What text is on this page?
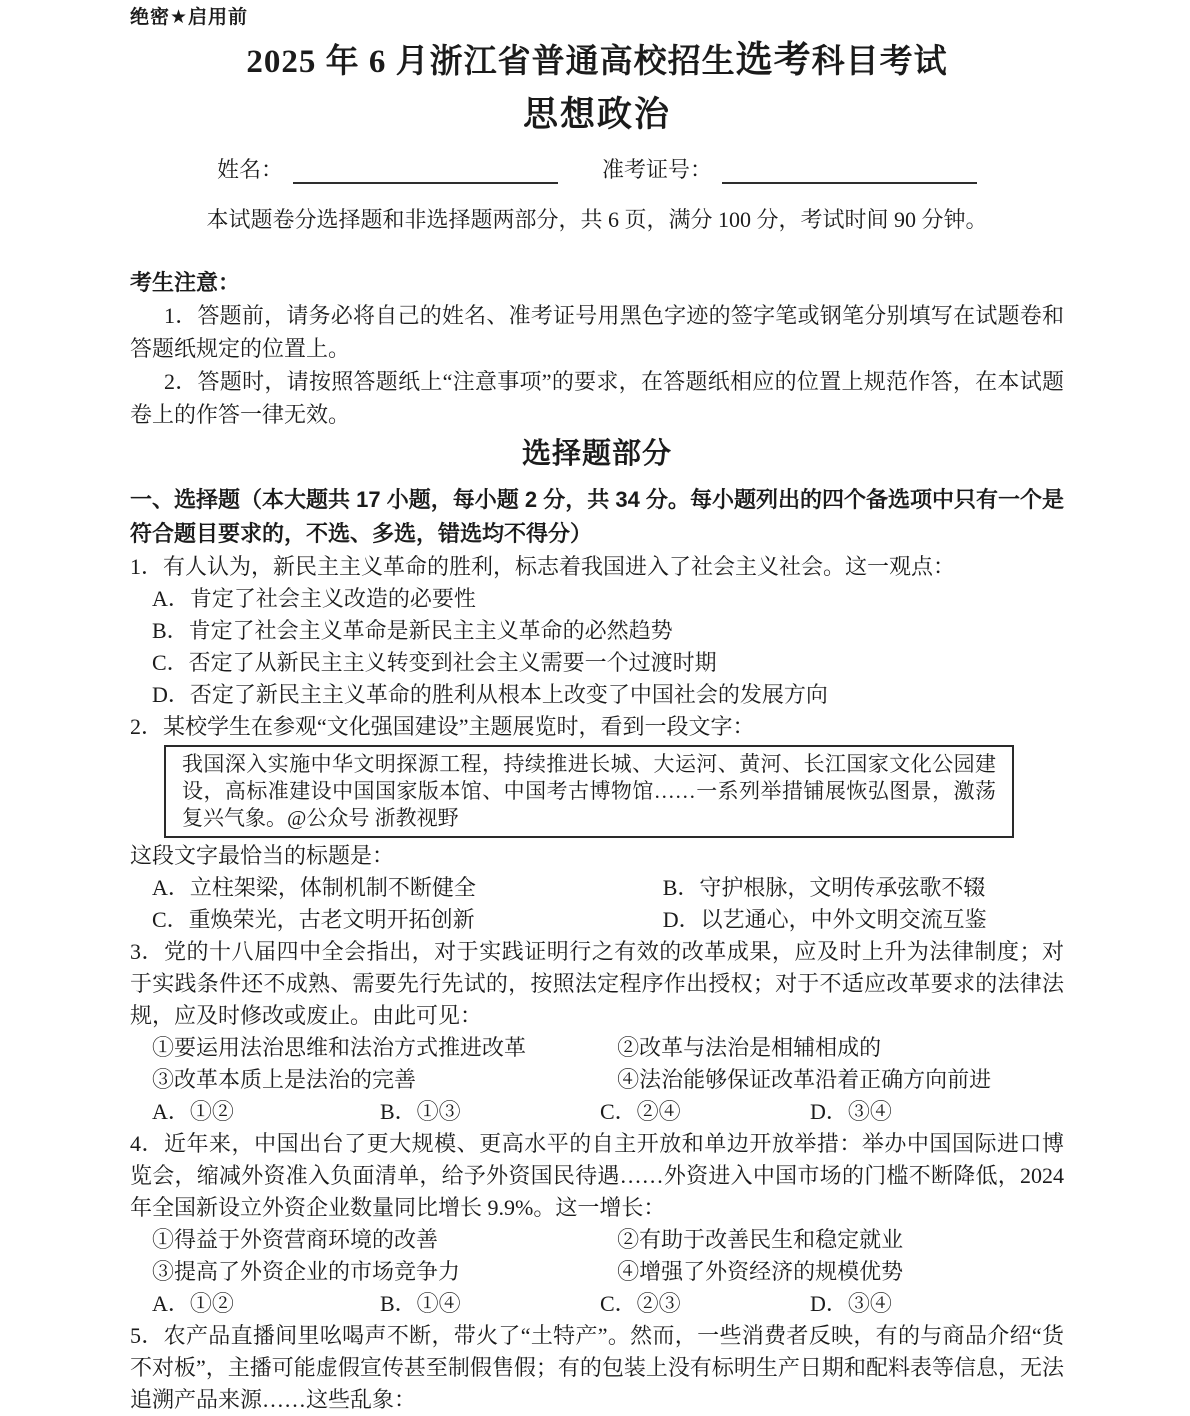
绝密★启用前
2025 年 6 月浙江省普通高校招生选考科目考试
思想政治
姓名：	准考证号：

本试题卷分选择题和非选择题两部分，共 6 页，满分 100 分，考试时间 90 分钟。

考生注意：

1．答题前，请务必将自己的姓名、准考证号用黑色字迹的签字笔或钢笔分别填写在试题卷和答题纸规定的位置上。

2．答题时，请按照答题纸上“注意事项”的要求，在答题纸相应的位置上规范作答，在本试题卷上的作答一律无效。

选择题部分

一、选择题（本大题共 17 小题，每小题 2 分，共 34 分。每小题列出的四个备选项中只有一个是符合题目要求的，不选、多选，错选均不得分）

1．有人认为，新民主主义革命的胜利，标志着我国进入了社会主义社会。这一观点：

A．肯定了社会主义改造的必要性

B．肯定了社会主义革命是新民主主义革命的必然趋势

C．否定了从新民主主义转变到社会主义需要一个过渡时期

D．否定了新民主主义革命的胜利从根本上改变了中国社会的发展方向

2．某校学生在参观“文化强国建设”主题展览时，看到一段文字：

我国深入实施中华文明探源工程，持续推进长城、大运河、黄河、长江国家文化公园建设，高标准建设中国国家版本馆、中国考古博物馆……一系列举措铺展恢弘图景，激荡复兴气象。@公众号 浙教视野

这段文字最恰当的标题是：

A．立柱架梁，体制机制不断健全	B．守护根脉，文明传承弦歌不辍
C．重焕荣光，古老文明开拓创新	D．以艺通心，中外文明交流互鉴

3．党的十八届四中全会指出，对于实践证明行之有效的改革成果，应及时上升为法律制度；对于实践条件还不成熟、需要先行先试的，按照法定程序作出授权；对于不适应改革要求的法律法规，应及时修改或废止。由此可见：

①要运用法治思维和法治方式推进改革	②改革与法治是相辅相成的
③改革本质上是法治的完善	④法治能够保证改革沿着正确方向前进
A．①②	B．①③	C．②④	D．③④

4．近年来，中国出台了更大规模、更高水平的自主开放和单边开放举措：举办中国国际进口博览会，缩减外资准入负面清单，给予外资国民待遇……外资进入中国市场的门槛不断降低，2024 年全国新设立外资企业数量同比增长 9.9%。这一增长：

①得益于外资营商环境的改善	②有助于改善民生和稳定就业
③提高了外资企业的市场竞争力	④增强了外资经济的规模优势
A．①②	B．①④	C．②③	D．③④

5．农产品直播间里吆喝声不断，带火了“土特产”。然而，一些消费者反映，有的与商品介绍“货不对板”，主播可能虚假宣传甚至制假售假；有的包装上没有标明生产日期和配料表等信息，无法追溯产品来源……这些乱象：
